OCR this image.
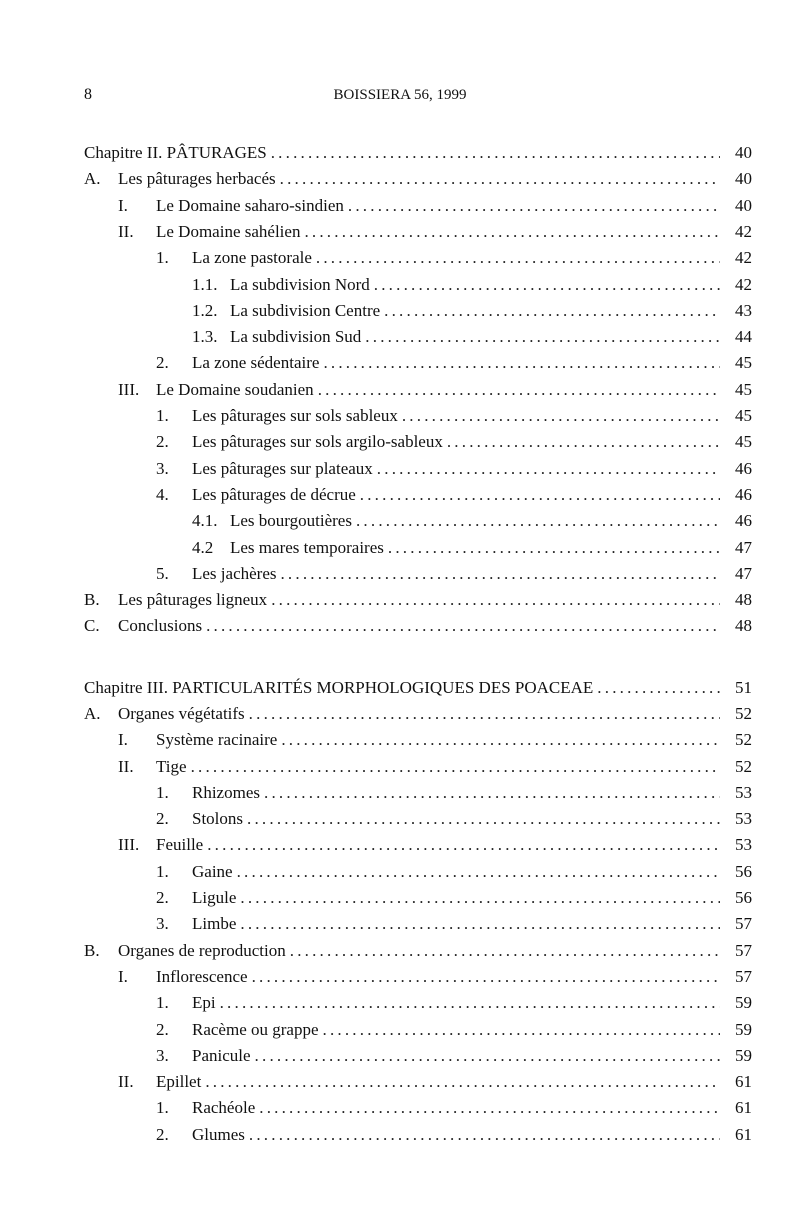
8	BOISSIERA 56, 1999
Chapitre II. PÂTURAGES .....	40
A. Les pâturages herbacés .....	40
I. Le Domaine saharo-sindien .....	40
II. Le Domaine sahélien .....	42
1. La zone pastorale .....	42
1.1. La subdivision Nord .....	42
1.2. La subdivision Centre .....	43
1.3. La subdivision Sud .....	44
2. La zone sédentaire .....	45
III. Le Domaine soudanien .....	45
1. Les pâturages sur sols sableux .....	45
2. Les pâturages sur sols argilo-sableux .....	45
3. Les pâturages sur plateaux .....	46
4. Les pâturages de décrue .....	46
4.1. Les bourgoutières .....	46
4.2 Les mares temporaires .....	47
5. Les jachères .....	47
B. Les pâturages ligneux .....	48
C. Conclusions .....	48
Chapitre III. PARTICULARITÉS MORPHOLOGIQUES DES POACEAE .....	51
A. Organes végétatifs .....	52
I. Système racinaire .....	52
II. Tige .....	52
1. Rhizomes .....	53
2. Stolons .....	53
III. Feuille .....	53
1. Gaine .....	56
2. Ligule .....	56
3. Limbe .....	57
B. Organes de reproduction .....	57
I. Inflorescence .....	57
1. Epi .....	59
2. Racème ou grappe .....	59
3. Panicule .....	59
II. Epillet .....	61
1. Rachéole .....	61
2. Glumes .....	61
